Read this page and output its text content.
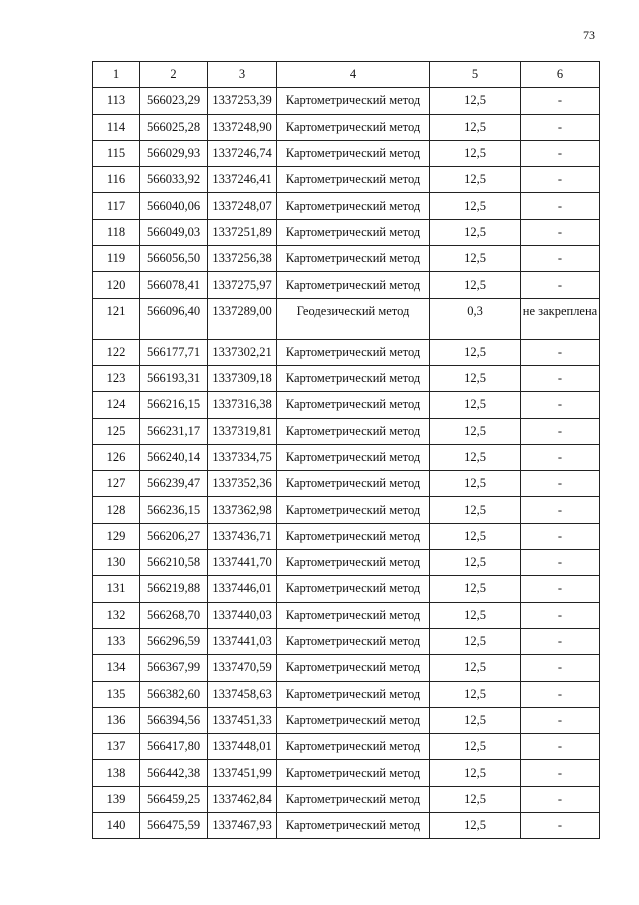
73
1	2	3	4	5	6
113	566023,29	1337253,39	Картометрический метод	12,5	-
114	566025,28	1337248,90	Картометрический метод	12,5	-
115	566029,93	1337246,74	Картометрический метод	12,5	-
116	566033,92	1337246,41	Картометрический метод	12,5	-
117	566040,06	1337248,07	Картометрический метод	12,5	-
118	566049,03	1337251,89	Картометрический метод	12,5	-
119	566056,50	1337256,38	Картометрический метод	12,5	-
120	566078,41	1337275,97	Картометрический метод	12,5	-
121	566096,40	1337289,00	Геодезический метод	0,3	не закреплена
122	566177,71	1337302,21	Картометрический метод	12,5	-
123	566193,31	1337309,18	Картометрический метод	12,5	-
124	566216,15	1337316,38	Картометрический метод	12,5	-
125	566231,17	1337319,81	Картометрический метод	12,5	-
126	566240,14	1337334,75	Картометрический метод	12,5	-
127	566239,47	1337352,36	Картометрический метод	12,5	-
128	566236,15	1337362,98	Картометрический метод	12,5	-
129	566206,27	1337436,71	Картометрический метод	12,5	-
130	566210,58	1337441,70	Картометрический метод	12,5	-
131	566219,88	1337446,01	Картометрический метод	12,5	-
132	566268,70	1337440,03	Картометрический метод	12,5	-
133	566296,59	1337441,03	Картометрический метод	12,5	-
134	566367,99	1337470,59	Картометрический метод	12,5	-
135	566382,60	1337458,63	Картометрический метод	12,5	-
136	566394,56	1337451,33	Картометрический метод	12,5	-
137	566417,80	1337448,01	Картометрический метод	12,5	-
138	566442,38	1337451,99	Картометрический метод	12,5	-
139	566459,25	1337462,84	Картометрический метод	12,5	-
140	566475,59	1337467,93	Картометрический метод	12,5	-
